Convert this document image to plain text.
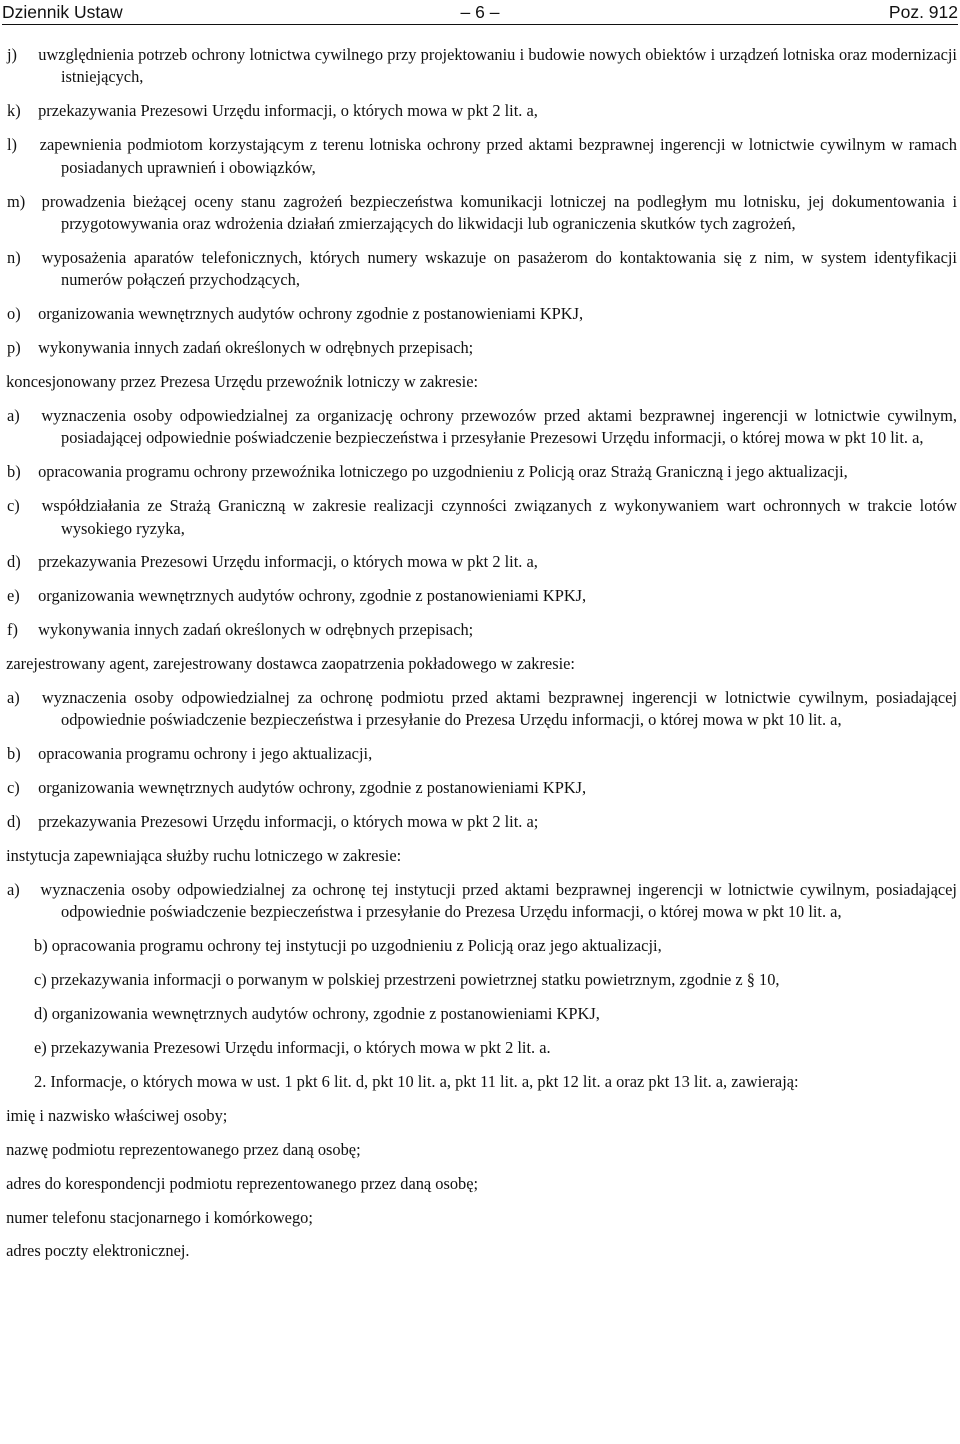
Dziennik Ustaw	– 6 –	Poz. 912

j) uwzględnienia potrzeb ochrony lotnictwa cywilnego przy projektowaniu i budowie nowych obiektów i urządzeń lotniska oraz modernizacji istniejących,

k) przekazywania Prezesowi Urzędu informacji, o których mowa w pkt 2 lit. a,

l) zapewnienia podmiotom korzystającym z terenu lotniska ochrony przed aktami bezprawnej ingerencji w lotnictwie cywilnym w ramach posiadanych uprawnień i obowiązków,

m) prowadzenia bieżącej oceny stanu zagrożeń bezpieczeństwa komunikacji lotniczej na podległym mu lotnisku, jej dokumentowania i przygotowywania oraz wdrożenia działań zmierzających do likwidacji lub ograniczenia skutków tych zagrożeń,

n) wyposażenia aparatów telefonicznych, których numery wskazuje on pasażerom do kontaktowania się z nim, w system identyfikacji numerów połączeń przychodzących,

o) organizowania wewnętrznych audytów ochrony zgodnie z postanowieniami KPKJ,

p) wykonywania innych zadań określonych w odrębnych przepisach;

koncesjonowany przez Prezesa Urzędu przewoźnik lotniczy w zakresie:

a) wyznaczenia osoby odpowiedzialnej za organizację ochrony przewozów przed aktami bezprawnej ingerencji w lotnictwie cywilnym, posiadającej odpowiednie poświadczenie bezpieczeństwa i przesyłanie Prezesowi Urzędu informacji, o której mowa w pkt 10 lit. a,

b) opracowania programu ochrony przewoźnika lotniczego po uzgodnieniu z Policją oraz Strażą Graniczną i jego aktualizacji,

c) współdziałania ze Strażą Graniczną w zakresie realizacji czynności związanych z wykonywaniem wart ochronnych w trakcie lotów wysokiego ryzyka,

d) przekazywania Prezesowi Urzędu informacji, o których mowa w pkt 2 lit. a,

e) organizowania wewnętrznych audytów ochrony, zgodnie z postanowieniami KPKJ,

f) wykonywania innych zadań określonych w odrębnych przepisach;

zarejestrowany agent, zarejestrowany dostawca zaopatrzenia pokładowego w zakresie:

a) wyznaczenia osoby odpowiedzialnej za ochronę podmiotu przed aktami bezprawnej ingerencji w lotnictwie cywilnym, posiadającej odpowiednie poświadczenie bezpieczeństwa i przesyłanie do Prezesa Urzędu informacji, o której mowa w pkt 10 lit. a,

b) opracowania programu ochrony i jego aktualizacji,

c) organizowania wewnętrznych audytów ochrony, zgodnie z postanowieniami KPKJ,

d) przekazywania Prezesowi Urzędu informacji, o których mowa w pkt 2 lit. a;

instytucja zapewniająca służby ruchu lotniczego w zakresie:

a) wyznaczenia osoby odpowiedzialnej za ochronę tej instytucji przed aktami bezprawnej ingerencji w lotnictwie cywilnym, posiadającej odpowiednie poświadczenie bezpieczeństwa i przesyłanie do Prezesa Urzędu informacji, o której mowa w pkt 10 lit. a,

b) opracowania programu ochrony tej instytucji po uzgodnieniu z Policją oraz jego aktualizacji,

c) przekazywania informacji o porwanym w polskiej przestrzeni powietrznej statku powietrznym, zgodnie z § 10,

d) organizowania wewnętrznych audytów ochrony, zgodnie z postanowieniami KPKJ,

e) przekazywania Prezesowi Urzędu informacji, o których mowa w pkt 2 lit. a.

2. Informacje, o których mowa w ust. 1 pkt 6 lit. d, pkt 10 lit. a, pkt 11 lit. a, pkt 12 lit. a oraz pkt 13 lit. a, zawierają:

imię i nazwisko właściwej osoby;

nazwę podmiotu reprezentowanego przez daną osobę;

adres do korespondencji podmiotu reprezentowanego przez daną osobę;

numer telefonu stacjonarnego i komórkowego;

adres poczty elektronicznej.
